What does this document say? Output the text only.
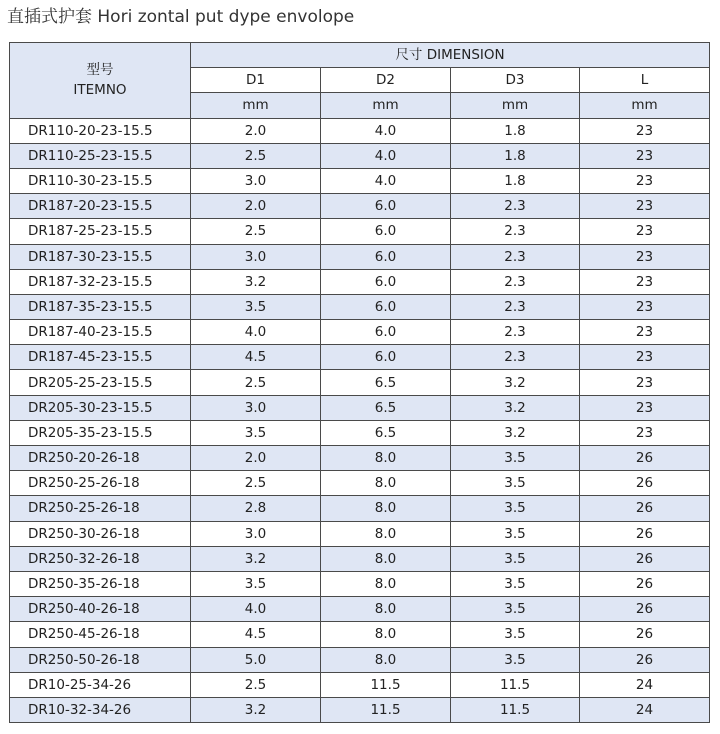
直插式护套 Hori zontal put dype envolope
型号
ITEMNO	尺寸 DIMENSION			
	D1	D2	D3	L
	mm	mm	mm	mm
DR110-20-23-15.5	2.0	4.0	1.8	23
DR110-25-23-15.5	2.5	4.0	1.8	23
DR110-30-23-15.5	3.0	4.0	1.8	23
DR187-20-23-15.5	2.0	6.0	2.3	23
DR187-25-23-15.5	2.5	6.0	2.3	23
DR187-30-23-15.5	3.0	6.0	2.3	23
DR187-32-23-15.5	3.2	6.0	2.3	23
DR187-35-23-15.5	3.5	6.0	2.3	23
DR187-40-23-15.5	4.0	6.0	2.3	23
DR187-45-23-15.5	4.5	6.0	2.3	23
DR205-25-23-15.5	2.5	6.5	3.2	23
DR205-30-23-15.5	3.0	6.5	3.2	23
DR205-35-23-15.5	3.5	6.5	3.2	23
DR250-20-26-18	2.0	8.0	3.5	26
DR250-25-26-18	2.5	8.0	3.5	26
DR250-25-26-18	2.8	8.0	3.5	26
DR250-30-26-18	3.0	8.0	3.5	26
DR250-32-26-18	3.2	8.0	3.5	26
DR250-35-26-18	3.5	8.0	3.5	26
DR250-40-26-18	4.0	8.0	3.5	26
DR250-45-26-18	4.5	8.0	3.5	26
DR250-50-26-18	5.0	8.0	3.5	26
DR10-25-34-26	2.5	11.5	11.5	24
DR10-32-34-26	3.2	11.5	11.5	24
